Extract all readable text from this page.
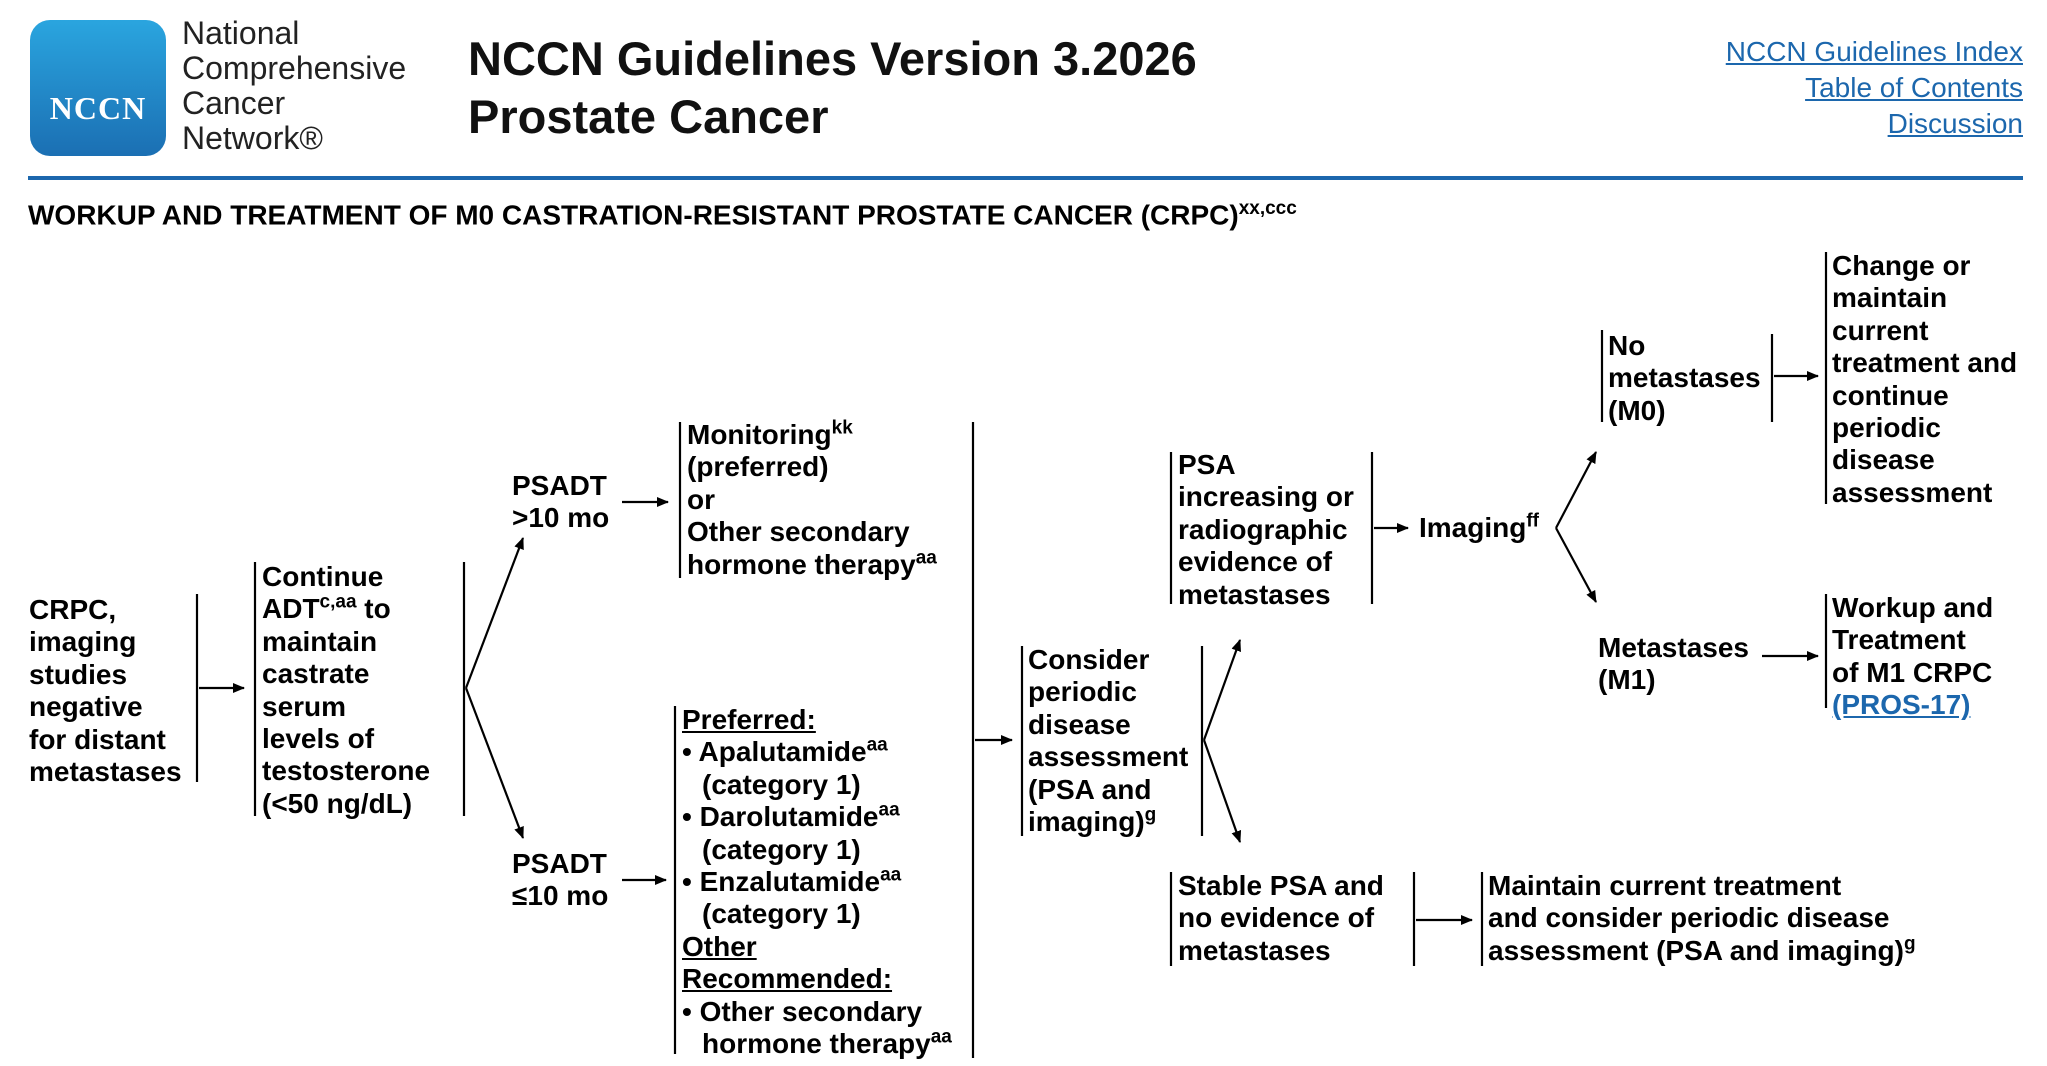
NCCN
National
Comprehensive
Cancer
Network®
NCCN Guidelines Version 3.2026
Prostate Cancer
NCCN Guidelines Index
Table of Contents
Discussion
WORKUP AND TREATMENT OF M0 CASTRATION-RESISTANT PROSTATE CANCER (CRPC)$^{xx,ccc}$
CRPC,
imaging
studies
negative
for distant
metastases
Continue
$ADT^{c,aa}$ to
maintain
castrate
serum
levels of
testosterone
(<50 ng/dL)
PSADT
>10 mo
PSADT
≤10 mo
Monitoring$^{kk}$
(preferred)
or
Other secondary
hormone therapy$^{aa}$
Preferred:
• Apalutamide$^{aa}$
(category 1)
• Darolutamide$^{aa}$
(category 1)
• Enzalutamide$^{aa}$
(category 1)
Other
Recommended:
• Other secondary
hormone therapy$^{aa}$
Consider
periodic
disease
assessment
(PSA and
imaging)$^g$
PSA
increasing or
radiographic
evidence of
metastases
Imaging$^{ff}$
No
metastases
(M0)
Change or
maintain
current
treatment and
continue
periodic
disease
assessment
Metastases
(M1)
Workup and
Treatment
of M1 CRPC
(PROS-17)
Stable PSA and
no evidence of
metastases
Maintain current treatment
and consider periodic disease
assessment (PSA and imaging)$^g$
